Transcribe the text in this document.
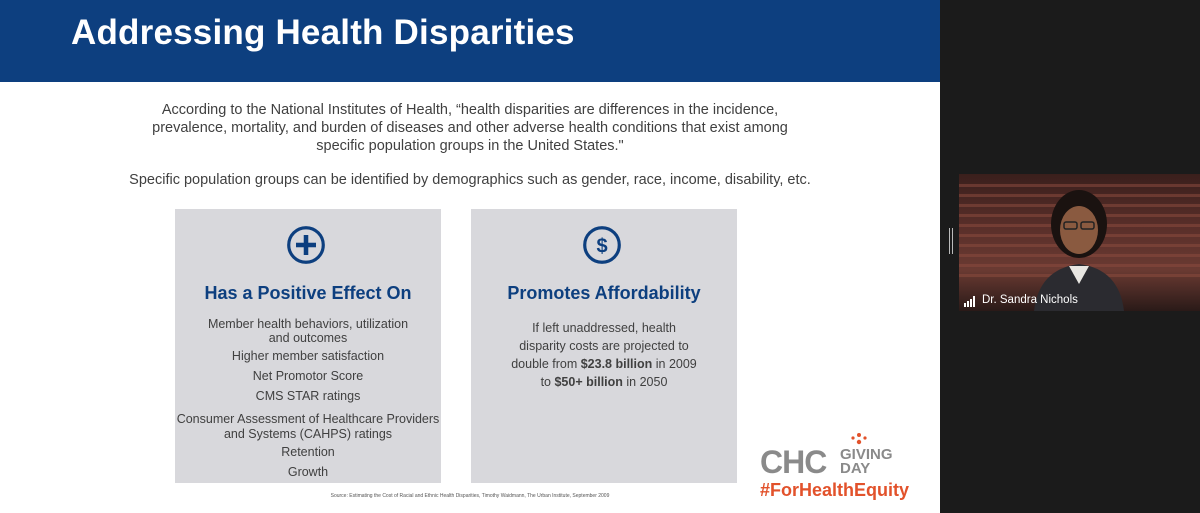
Addressing Health Disparities
According to the National Institutes of Health, “health disparities are differences in the incidence,
prevalence, mortality, and burden of diseases and other adverse health conditions that exist among
specific population groups in the United States."
Specific population groups can be identified by demographics such as gender, race, income, disability, etc.
Has a Positive Effect On
Member health behaviors, utilization
and outcomes
Higher member satisfaction
Net Promotor Score
CMS STAR ratings
Consumer Assessment of Healthcare Providers
and Systems (CAHPS) ratings
Retention
Growth
$
Promotes Affordability
If left unaddressed, health
disparity costs are projected to
double from $23.8 billion in 2009
to $50+ billion in 2050
Source: Estimating the Cost of Racial and Ethnic Health Disparities, Timothy Waidmann, The Urban Institute, September 2009
CHC GIVING
DAY
#ForHealthEquity
Dr. Sandra Nichols
